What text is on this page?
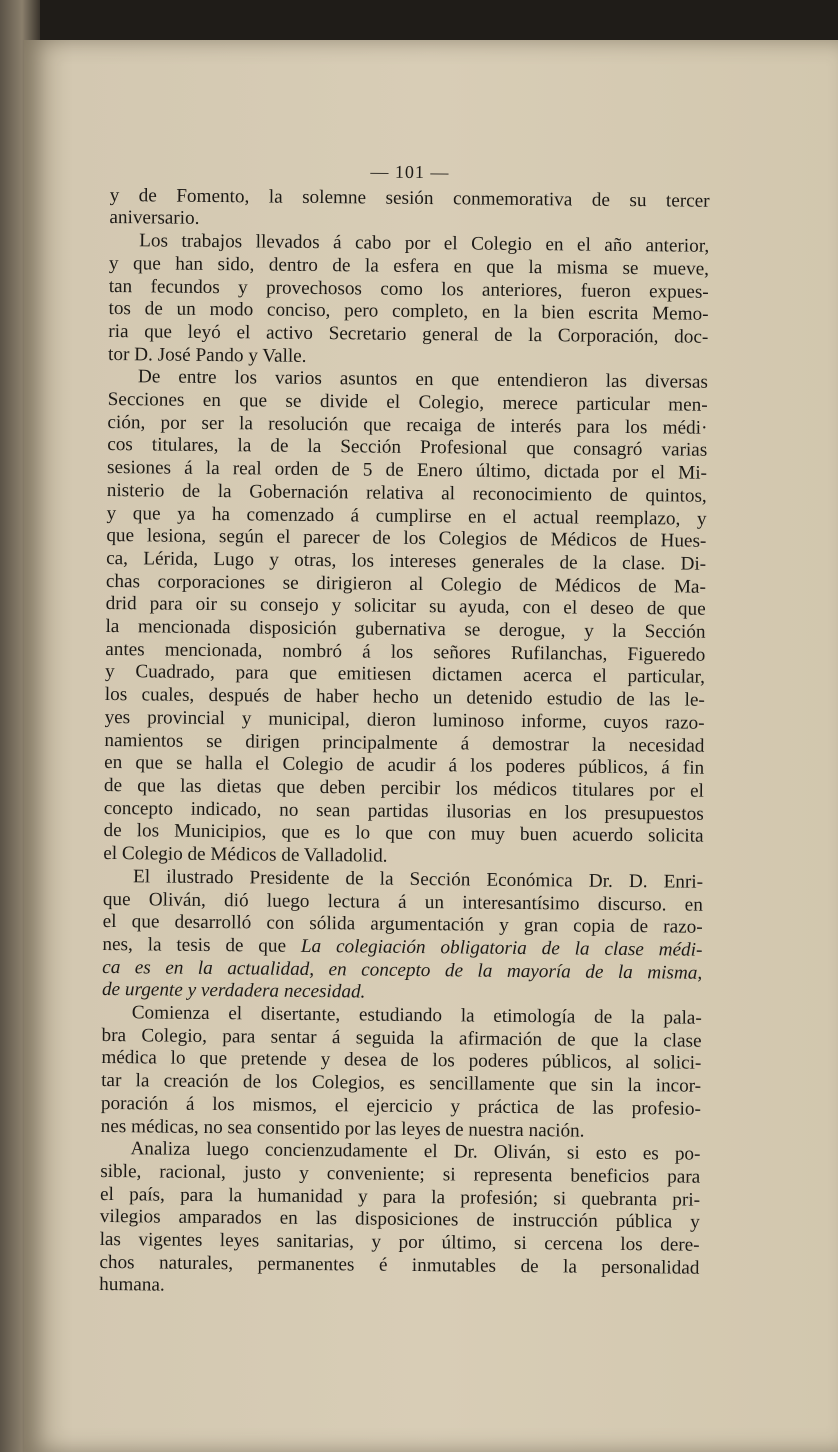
— 101 —

y de Fomento, la solemne sesión conmemorativa de su tercer
aniversario.

Los trabajos llevados á cabo por el Colegio en el año anterior,
y que han sido, dentro de la esfera en que la misma se mueve,
tan fecundos y provechosos como los anteriores, fueron expues-
tos de un modo conciso, pero completo, en la bien escrita Memo-
ria que leyó el activo Secretario general de la Corporación, doc-
tor D. José Pando y Valle.

De entre los varios asuntos en que entendieron las diversas
Secciones en que se divide el Colegio, merece particular men-
ción, por ser la resolución que recaiga de interés para los médi·
cos titulares, la de la Sección Profesional que consagró varias
sesiones á la real orden de 5 de Enero último, dictada por el Mi-
nisterio de la Gobernación relativa al reconocimiento de quintos,
y que ya ha comenzado á cumplirse en el actual reemplazo, y
que lesiona, según el parecer de los Colegios de Médicos de Hues-
ca, Lérida, Lugo y otras, los intereses generales de la clase. Di-
chas corporaciones se dirigieron al Colegio de Médicos de Ma-
drid para oir su consejo y solicitar su ayuda, con el deseo de que
la mencionada disposición gubernativa se derogue, y la Sección
antes mencionada, nombró á los señores Rufilanchas, Figueredo
y Cuadrado, para que emitiesen dictamen acerca el particular,
los cuales, después de haber hecho un detenido estudio de las le-
yes provincial y municipal, dieron luminoso informe, cuyos razo-
namientos se dirigen principalmente á demostrar la necesidad
en que se halla el Colegio de acudir á los poderes públicos, á fin
de que las dietas que deben percibir los médicos titulares por el
concepto indicado, no sean partidas ilusorias en los presupuestos
de los Municipios, que es lo que con muy buen acuerdo solicita
el Colegio de Médicos de Valladolid.

El ilustrado Presidente de la Sección Económica Dr. D. Enri-
que Oliván, dió luego lectura á un interesantísimo discurso. en
el que desarrolló con sólida argumentación y gran copia de razo-
nes, la tesis de que La colegiación obligatoria de la clase médi-
ca es en la actualidad, en concepto de la mayoría de la misma,
de urgente y verdadera necesidad.

Comienza el disertante, estudiando la etimología de la pala-
bra Colegio, para sentar á seguida la afirmación de que la clase
médica lo que pretende y desea de los poderes públicos, al solici-
tar la creación de los Colegios, es sencillamente que sin la incor-
poración á los mismos, el ejercicio y práctica de las profesio-
nes médicas, no sea consentido por las leyes de nuestra nación.

Analiza luego concienzudamente el Dr. Oliván, si esto es po-
sible, racional, justo y conveniente; si representa beneficios para
el país, para la humanidad y para la profesión; si quebranta pri-
vilegios amparados en las disposiciones de instrucción pública y
las vigentes leyes sanitarias, y por último, si cercena los dere-
chos naturales, permanentes é inmutables de la personalidad
humana.
